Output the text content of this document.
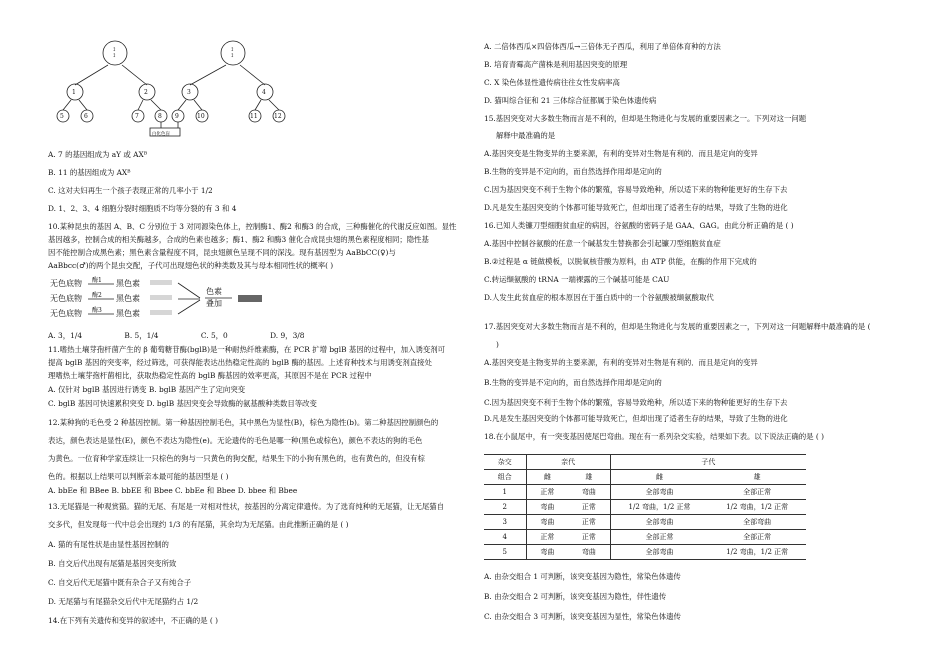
↕	↕
↕	↕
1	2
5	6	7	8
3	4
9	10	11	12
白化色盲
A. 7 的基因组成为 aY 或 AXᴮ
B. 11 的基因组成为 AXᴮ
C. 这对夫妇再生一个孩子表现正常的几率小于 1/2
D. 1、2、3、4 细胞分裂时细胞质不均等分裂的有 3 和 4
10.某种昆虫的基因 A、B、C 分别位于 3 对同源染色体上，控制酶1、酶2 和酶3 的合成，三种酶催化的代谢反应如图。显性
基因越多，控制合成的相关酶越多，合成的色素也越多；酶1、酶2 和酶3 催化合成昆虫翅的黑色素程度相同；隐性基
因不能控制合成黑色素；黑色素含量程度不同，昆虫翅颜色呈现不同的深浅。现有基因型为 AaBbCC(♀)与
AaBbcc(♂)的两个昆虫交配，子代可出现翅色状的种类数及其与母本相同性状的概率( )
无色底物
无色底物
无色底物
酶1
酶2
酶3
黑色素
黑色素
黑色素
色素
叠加
A. 3，1/4	B. 5，1/4	C. 5，0	D. 9，3/8
11.嗜热土壤芽孢杆菌产生的 β 葡萄糖苷酶(bglB)是一种耐热纤维素酶，在 PCR 扩增 bglB 基因的过程中，加入诱变剂可
提高 bglB 基因的突变率，经过筛选，可获得能表达出热稳定性高的 bglB 酶的基因。上述育种技术与用诱变剂直接处
理嗜热土壤芽孢杆菌相比，获取热稳定性高的 bglB 酶基因的效率更高，其原因不是在 PCR 过程中
A. 仅针对 bglB 基因进行诱变 B. bglB 基因产生了定向突变
C. bglB 基因可快速累积突变 D. bglB 基因突变会导致酶的氨基酸种类数目等改变
12.某种狗的毛色受 2 种基因控制。第一种基因控制毛色，其中黑色为显性(B)，棕色为隐性(b)。第二种基因控制颜色的
表达，颜色表达是显性(E)，颜色不表达为隐性(e)。无论遗传的毛色是哪一种(黑色或棕色)，颜色不表达的狗的毛色
为黄色。一位育种学家连续让一只棕色的狗与一只黄色的狗交配，结果生下的小狗有黑色的，也有黄色的，但没有棕
色的。根据以上结果可以判断亲本最可能的基因型是 ( )
A. bbEe 和 BBee B. bbEE 和 Bbee C. bbEe 和 Bbee D. bbee 和 Bbee
13.无尾猫是一种观赏猫。猫的无尾、有尾是一对相对性状，按基因的分离定律遗传。为了选育纯种的无尾猫，让无尾猫自
交多代，但发现每一代中总会出现约 1/3 的有尾猫，其余均为无尾猫。由此推断正确的是 ( )
A. 猫的有尾性状是由显性基因控制的
B. 自交后代出现有尾猫是基因突变所致
C. 自交后代无尾猫中既有杂合子又有纯合子
D. 无尾猫与有尾猫杂交后代中无尾猫约占 1/2
14.在下列有关遗传和变异的叙述中，不正确的是 ( )
A. 二倍体西瓜×四倍体西瓜→三倍体无子西瓜，利用了单倍体育种的方法
B. 培育青霉高产菌株是利用基因突变的原理
C. X 染色体显性遗传病往往女性发病率高
D. 猫叫综合征和 21 三体综合征都属于染色体遗传病
15.基因突变对大多数生物而言是不利的，但却是生物进化与发展的重要因素之一。下列对这一问题
解释中最准确的是
A.基因突变是生物变异的主要来源，有利的变异对生物是有利的．而且是定向的变异
B.生物的变异是不定向的，而自然选择作用却是定向的
C.因为基因突变不利于生物个体的繁殖，容易导致绝种，所以适下来的物种能更好的生存下去
D.凡是发生基因突变的个体都可能导致死亡，但却出现了适者生存的结果，导致了生物的进化
16.已知人类镰刀型细胞贫血症的病因，谷氨酸的密码子是 GAA、GAG。由此分析正确的是 ( )
A.基因中控制谷氨酸的任意一个碱基发生替换都会引起镰刀型细胞贫血症
B.②过程是 α 链做模板，以脱氧核苷酸为原料，由 ATP 供能，在酶的作用下完成的
C.转运缬氨酸的 tRNA 一端裸露的三个碱基可能是 CAU
D.人发生此贫血症的根本原因在于蛋白质中的一个谷氨酸被缬氨酸取代
17.基因突变对大多数生物而言是不利的，但却是生物进化与发展的重要因素之一，下列对这一问题解释中最准确的是 (
)
A.基因突变是主物变异的主要来源，有利的变异对生物是有利的．而且是定向的变异
B.生物的变异是不定向的，而自然选择作用却是定向的
C.因为基因突变不利于生物个体的繁殖，容易导致绝种，所以适下来的物种能更好的生存下去
D.凡是发生基因突变的个体都可能导致死亡，但却出现了适者生存的结果，导致了生物的进化
18.在小鼠尾中，有一突变基因使尾巴弯曲。现在有一系列杂交实验，结果如下表。以下说法正确的是 ( )
杂交	亲代		子代	
组合	雌	雄	雌	雄
1	正常	弯曲	全部弯曲	全部正常
2	弯曲	正常	1/2 弯曲，1/2 正常	1/2 弯曲，1/2 正常
3	弯曲	正常	全部弯曲	全部弯曲
4	正常	正常	全部正常	全部正常
5	弯曲	弯曲	全部弯曲	1/2 弯曲，1/2 正常
A. 由杂交组合 1 可判断，该突变基因为隐性，常染色体遗传
B. 由杂交组合 2 可判断，该突变基因为隐性，伴性遗传
C. 由杂交组合 3 可判断，该突变基因为显性，常染色体遗传
